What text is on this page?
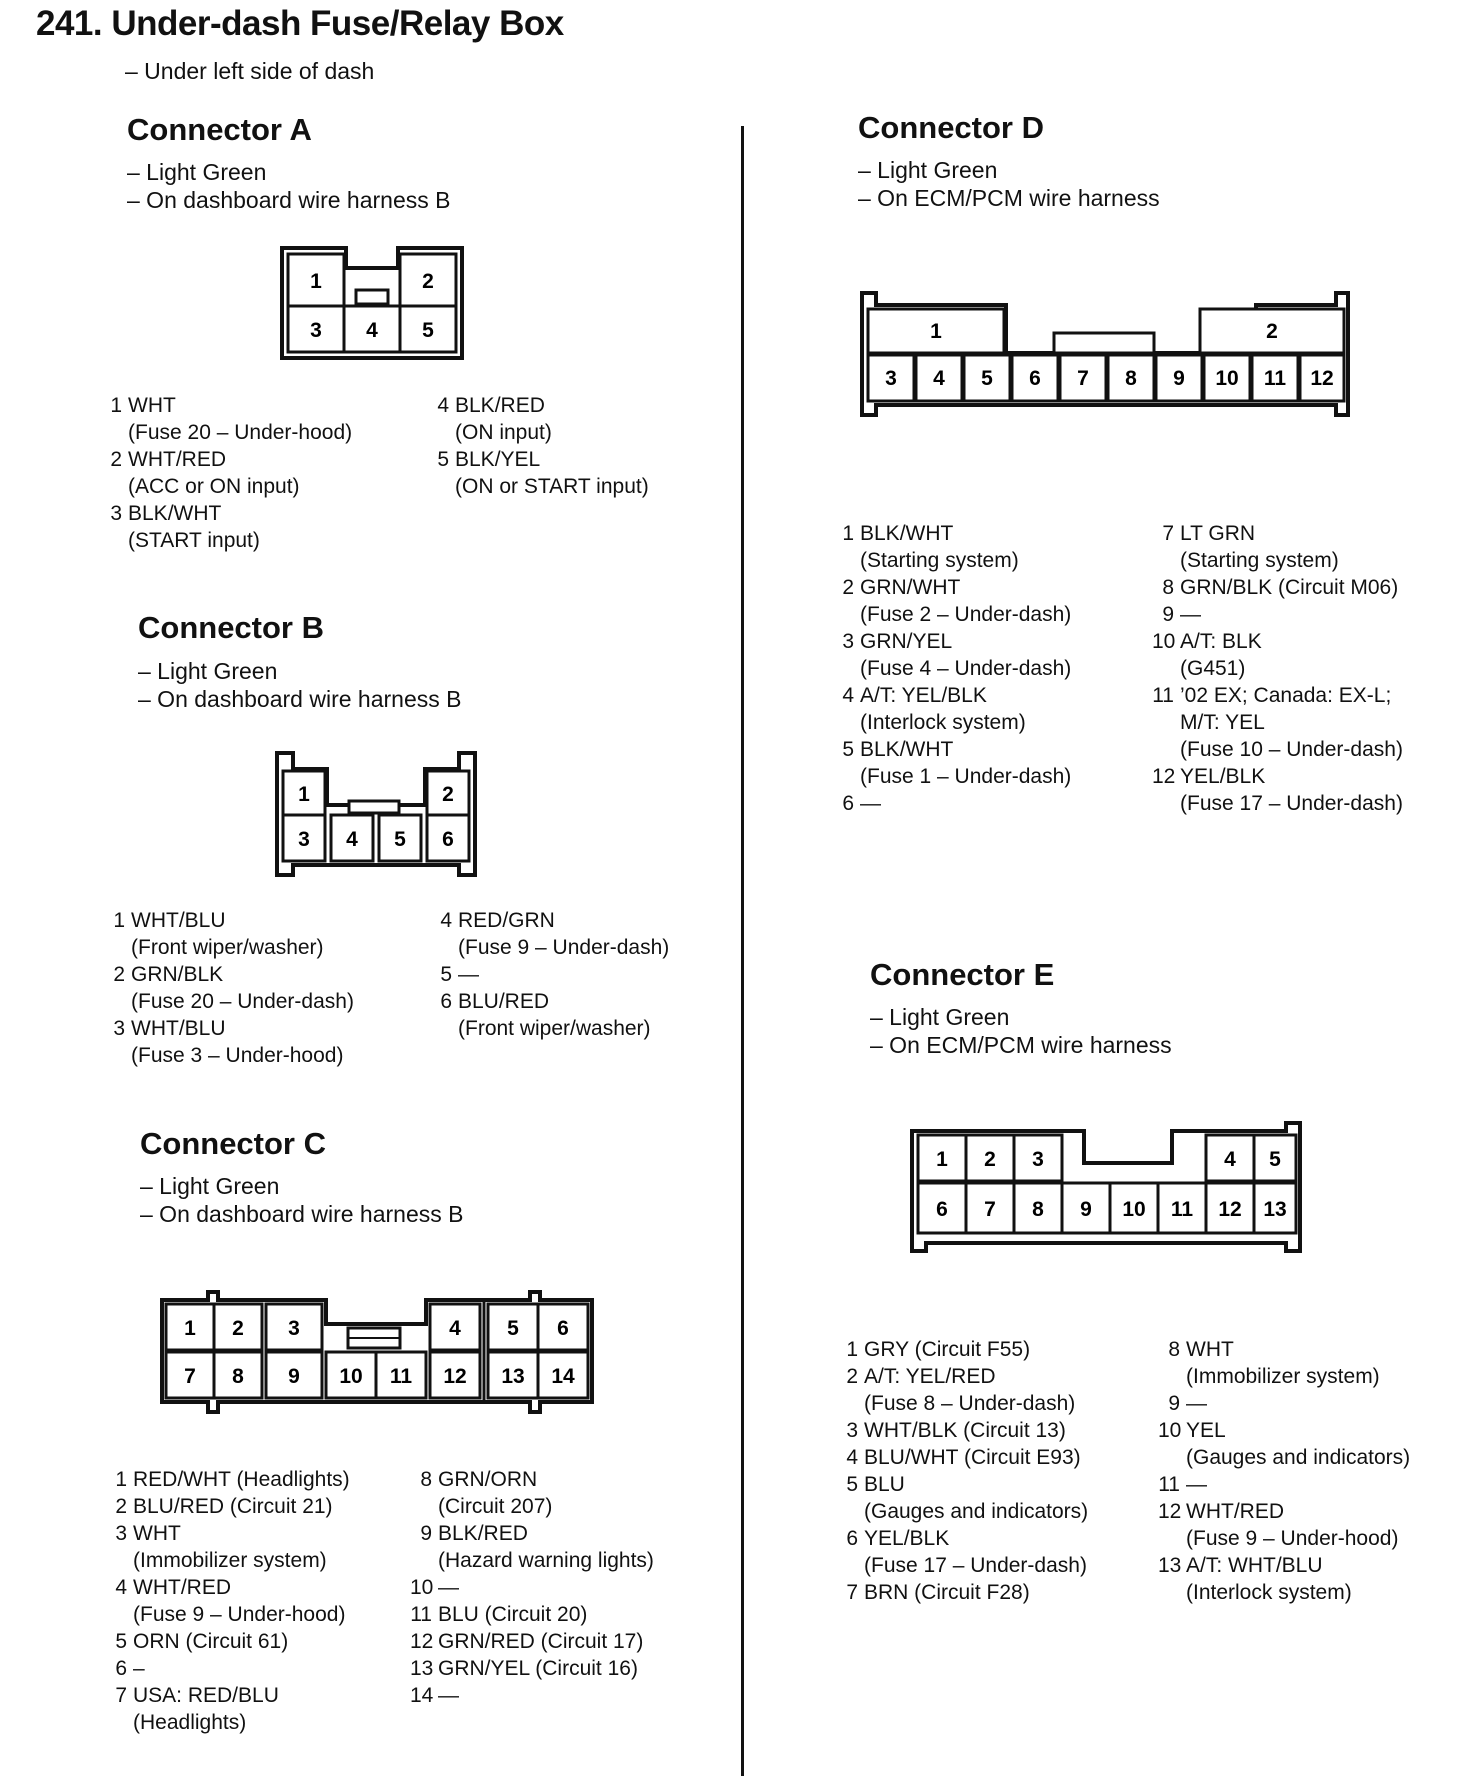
241. Under-dash Fuse/Relay Box
– Under left side of dash
Connector A
– Light Green
– On dashboard wire harness B
1	2
3 4 5
1 WHT
(Fuse 20 – Under-hood)
2 WHT/RED
(ACC or ON input)
3 BLK/WHT
(START input)
4 BLK/RED
(ON input)
5 BLK/YEL
(ON or START input)
Connector B
– Light Green
– On dashboard wire harness B
1	2
3 4 5 6
1 WHT/BLU
(Front wiper/washer)
2 GRN/BLK
(Fuse 20 – Under-dash)
3 WHT/BLU
(Fuse 3 – Under-hood)
4 RED/GRN
(Fuse 9 – Under-dash)
5 —
6 BLU/RED
(Front wiper/washer)
Connector C
– Light Green
– On dashboard wire harness B
1 2 3	4 5 6
7 8 9 10 11 12 13 14
1 RED/WHT (Headlights)
2 BLU/RED (Circuit 21)
3 WHT
(Immobilizer system)
4 WHT/RED
(Fuse 9 – Under-hood)
5 ORN (Circuit 61)
6 –
7 USA: RED/BLU
(Headlights)
8 GRN/ORN
(Circuit 207)
9 BLK/RED
(Hazard warning lights)
10 —
11 BLU (Circuit 20)
12 GRN/RED (Circuit 17)
13 GRN/YEL (Circuit 16)
14 —
Connector D
– Light Green
– On ECM/PCM wire harness
1	2
3 4 5 6 7 8 9 10 11 12
1 BLK/WHT
(Starting system)
2 GRN/WHT
(Fuse 2 – Under-dash)
3 GRN/YEL
(Fuse 4 – Under-dash)
4 A/T: YEL/BLK
(Interlock system)
5 BLK/WHT
(Fuse 1 – Under-dash)
6 —
7 LT GRN
(Starting system)
8 GRN/BLK (Circuit M06)
9 —
10 A/T: BLK
(G451)
11 ’02 EX; Canada: EX-L;
M/T: YEL
(Fuse 10 – Under-dash)
12 YEL/BLK
(Fuse 17 – Under-dash)
Connector E
– Light Green
– On ECM/PCM wire harness
1 2 3	4 5
6 7 8 9 10 11 12 13
1 GRY (Circuit F55)
2 A/T: YEL/RED
(Fuse 8 – Under-dash)
3 WHT/BLK (Circuit 13)
4 BLU/WHT (Circuit E93)
5 BLU
(Gauges and indicators)
6 YEL/BLK
(Fuse 17 – Under-dash)
7 BRN (Circuit F28)
8 WHT
(Immobilizer system)
9 —
10 YEL
(Gauges and indicators)
11 —
12 WHT/RED
(Fuse 9 – Under-hood)
13 A/T: WHT/BLU
(Interlock system)
